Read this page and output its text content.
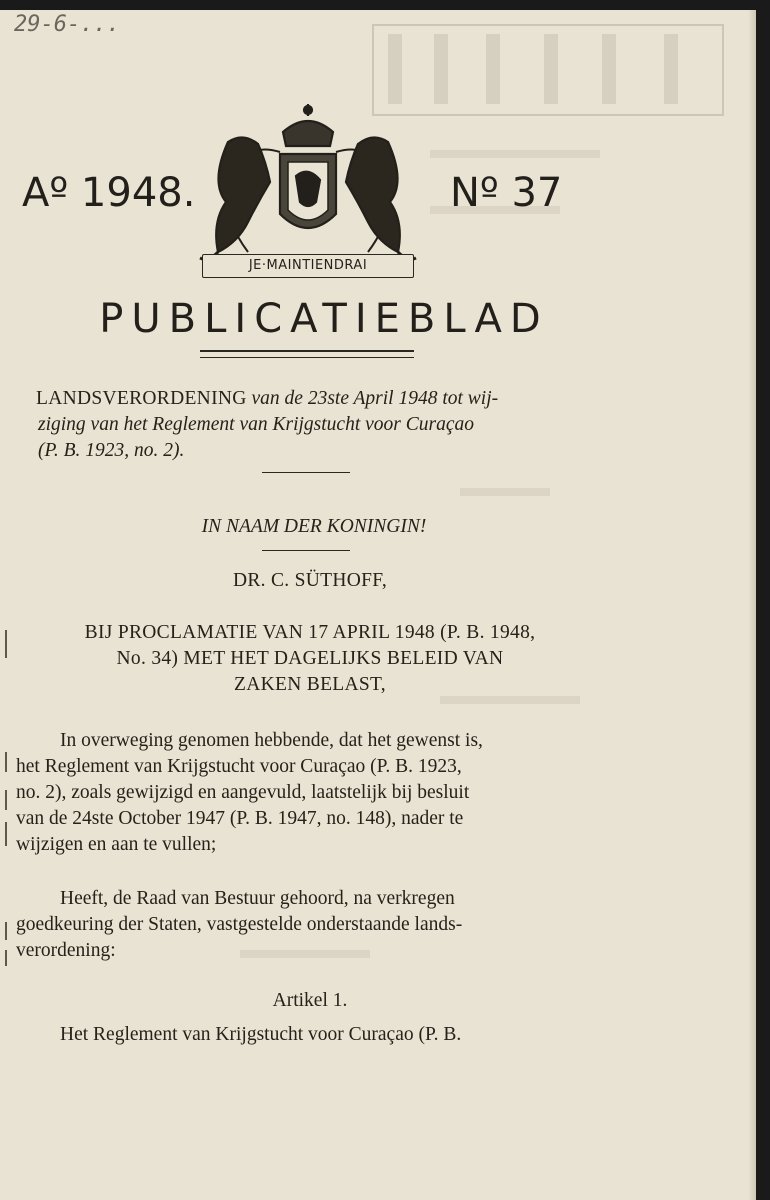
29-6-...
Aº 1948.	Nº 37
JE·MAINTIENDRAI
PUBLICATIEBLAD
LANDSVERORDENING van de 23ste April 1948 tot wij-
ziging van het Reglement van Krijgstucht voor Curaçao
(P. B. 1923, no. 2).
IN NAAM DER KONINGIN!
DR. C. SÜTHOFF,
BIJ PROCLAMATIE VAN 17 APRIL 1948 (P. B. 1948,
No. 34) MET HET DAGELIJKS BELEID VAN
ZAKEN BELAST,
In overweging genomen hebbende, dat het gewenst is,
het Reglement van Krijgstucht voor Curaçao (P. B. 1923,
no. 2), zoals gewijzigd en aangevuld, laatstelijk bij besluit
van de 24ste October 1947 (P. B. 1947, no. 148), nader te
wijzigen en aan te vullen;
Heeft, de Raad van Bestuur gehoord, na verkregen
goedkeuring der Staten, vastgestelde onderstaande lands-
verordening:
Artikel 1.
Het Reglement van Krijgstucht voor Curaçao (P. B.
